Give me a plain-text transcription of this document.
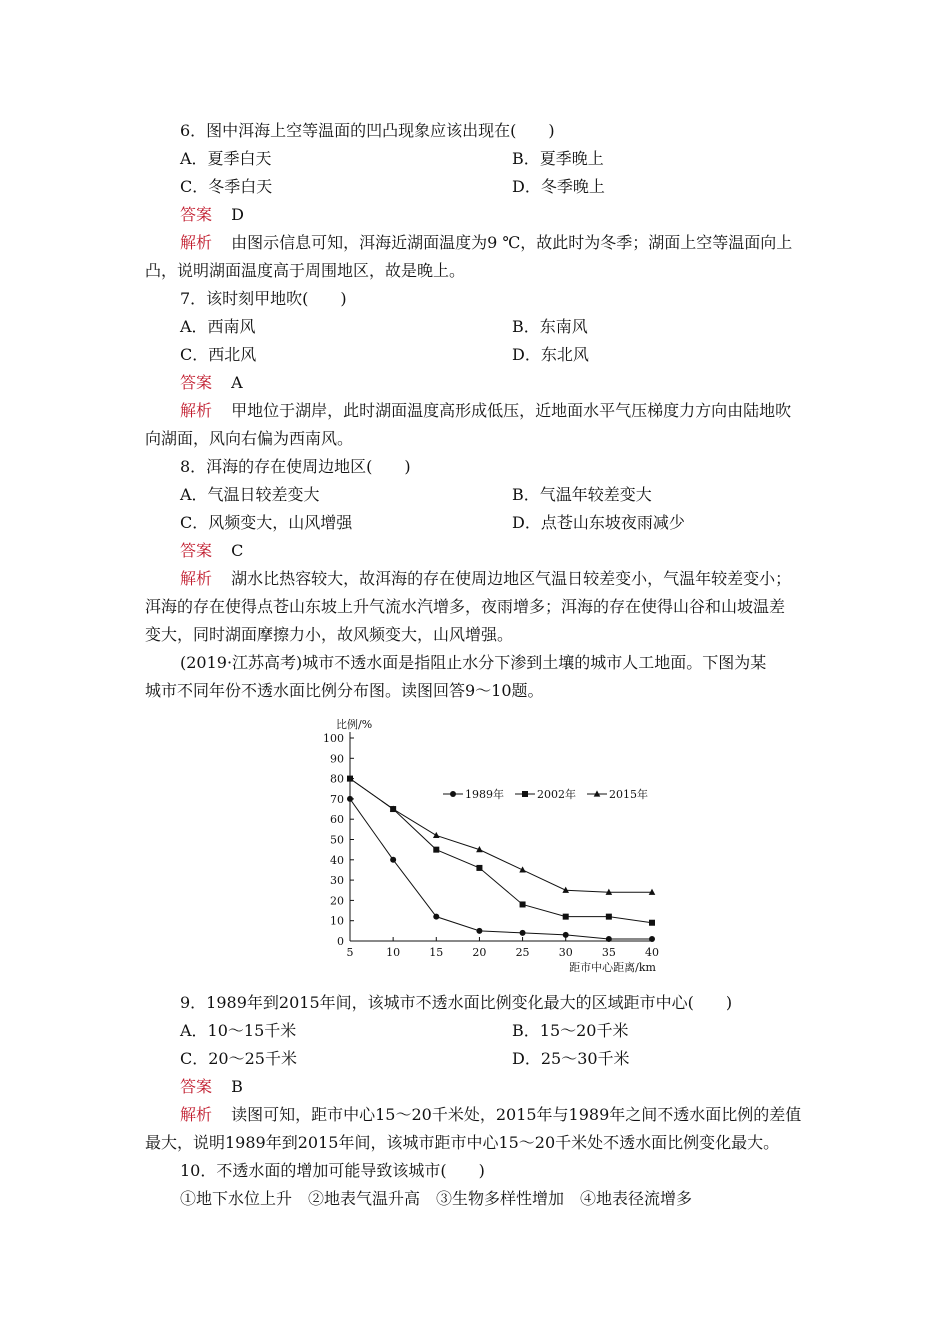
6．图中洱海上空等温面的凹凸现象应该出现在(　　)
A．夏季白天	B．夏季晚上
C．冬季白天	D．冬季晚上
答案 D
解析 由图示信息可知，洱海近湖面温度为9 ℃，故此时为冬季；湖面上空等温面向上
凸，说明湖面温度高于周围地区，故是晚上。
7．该时刻甲地吹(　　)
A．西南风	B．东南风
C．西北风	D．东北风
答案 A
解析 甲地位于湖岸，此时湖面温度高形成低压，近地面水平气压梯度力方向由陆地吹
向湖面，风向右偏为西南风。
8．洱海的存在使周边地区(　　)
A．气温日较差变大	B．气温年较差变大
C．风频变大，山风增强	D．点苍山东坡夜雨减少
答案 C
解析 湖水比热容较大，故洱海的存在使周边地区气温日较差变小，气温年较差变小；
洱海的存在使得点苍山东坡上升气流水汽增多，夜雨增多；洱海的存在使得山谷和山坡温差
变大，同时湖面摩擦力小，故风频变大，山风增强。
(2019·江苏高考)城市不透水面是指阻止水分下渗到土壤的城市人工地面。下图为某
城市不同年份不透水面比例分布图。读图回答9～10题。
0
10
20
30
40
50
60
70
80
90
100
5	10	15	20	25	30	35	40
比例/%
距市中心距离/km
1989年	2002年	2015年
9．1989年到2015年间，该城市不透水面比例变化最大的区域距市中心(　　)
A．10～15千米	B．15～20千米
C．20～25千米	D．25～30千米
答案 B
解析 读图可知，距市中心15～20千米处，2015年与1989年之间不透水面比例的差值
最大，说明1989年到2015年间，该城市距市中心15～20千米处不透水面比例变化最大。
10．不透水面的增加可能导致该城市(　　)
①地下水位上升　②地表气温升高　③生物多样性增加　④地表径流增多
